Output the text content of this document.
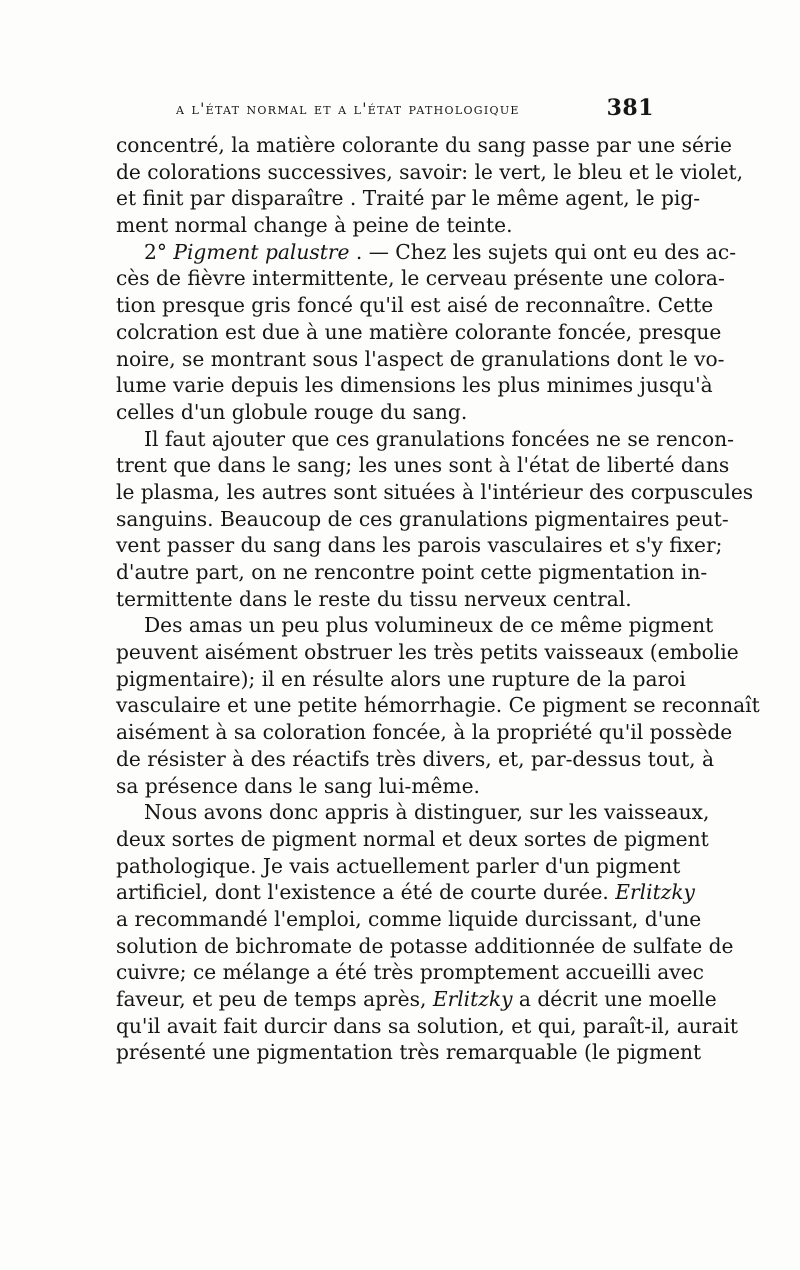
a l'état normal et a l'état pathologique	381
concentré, la matière colorante du sang passe par une série
de colorations successives, savoir: le vert, le bleu et le violet,
et finit par disparaître . Traité par le même agent, le pig-
ment normal change à peine de teinte.
2° Pigment palustre . — Chez les sujets qui ont eu des ac-
cès de fièvre intermittente, le cerveau présente une colora-
tion presque gris foncé qu'il est aisé de reconnaître. Cette
colcration est due à une matière colorante foncée, presque
noire, se montrant sous l'aspect de granulations dont le vo-
lume varie depuis les dimensions les plus minimes jusqu'à
celles d'un globule rouge du sang.
Il faut ajouter que ces granulations foncées ne se rencon-
trent que dans le sang; les unes sont à l'état de liberté dans
le plasma, les autres sont situées à l'intérieur des corpuscules
sanguins. Beaucoup de ces granulations pigmentaires peut-
vent passer du sang dans les parois vasculaires et s'y fixer;
d'autre part, on ne rencontre point cette pigmentation in-
termittente dans le reste du tissu nerveux central.
Des amas un peu plus volumineux de ce même pigment
peuvent aisément obstruer les très petits vaisseaux (embolie
pigmentaire); il en résulte alors une rupture de la paroi
vasculaire et une petite hémorrhagie. Ce pigment se reconnaît
aisément à sa coloration foncée, à la propriété qu'il possède
de résister à des réactifs très divers, et, par-dessus tout, à
sa présence dans le sang lui-même.
Nous avons donc appris à distinguer, sur les vaisseaux,
deux sortes de pigment normal et deux sortes de pigment
pathologique. Je vais actuellement parler d'un pigment
artificiel, dont l'existence a été de courte durée. Erlitzky
a recommandé l'emploi, comme liquide durcissant, d'une
solution de bichromate de potasse additionnée de sulfate de
cuivre; ce mélange a été très promptement accueilli avec
faveur, et peu de temps après, Erlitzky a décrit une moelle
qu'il avait fait durcir dans sa solution, et qui, paraît-il, aurait
présenté une pigmentation très remarquable (le pigment
